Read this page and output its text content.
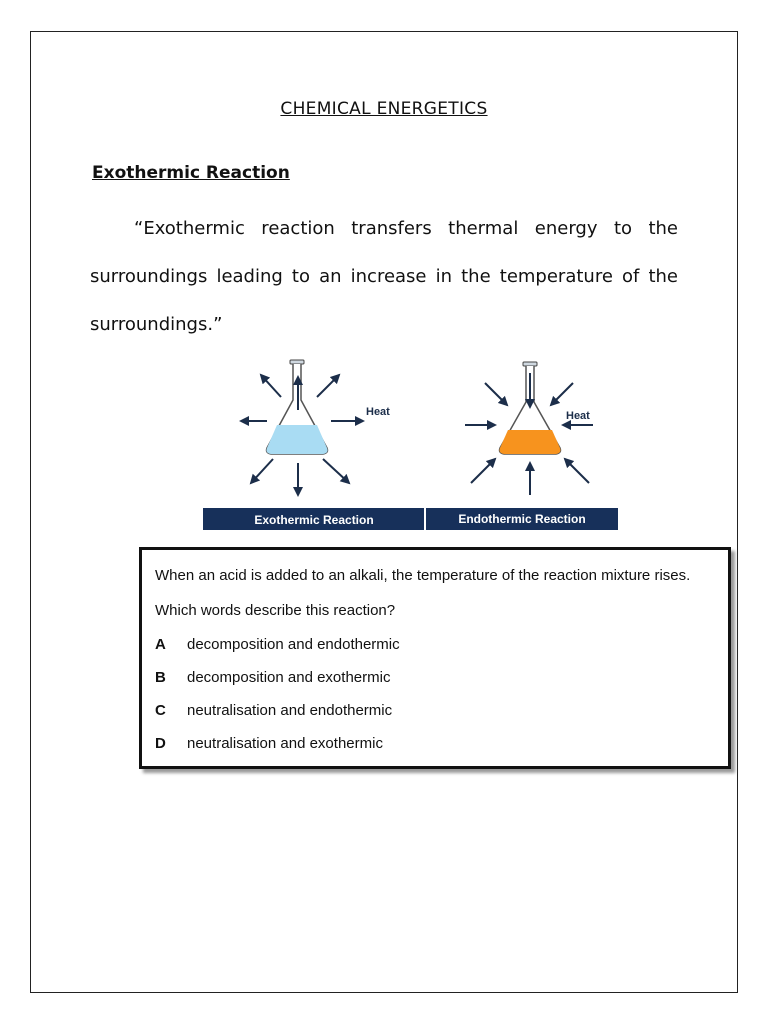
CHEMICAL ENERGETICS
Exothermic Reaction

“Exothermic reaction transfers thermal energy to the surroundings leading to an increase in the temperature of the surroundings.”

Heat	Heat
Exothermic Reaction	Endothermic Reaction
When an acid is added to an alkali, the temperature of the reaction mixture rises.
Which words describe this reaction?
A decomposition and endothermic
B decomposition and exothermic
C neutralisation and endothermic
D neutralisation and exothermic
